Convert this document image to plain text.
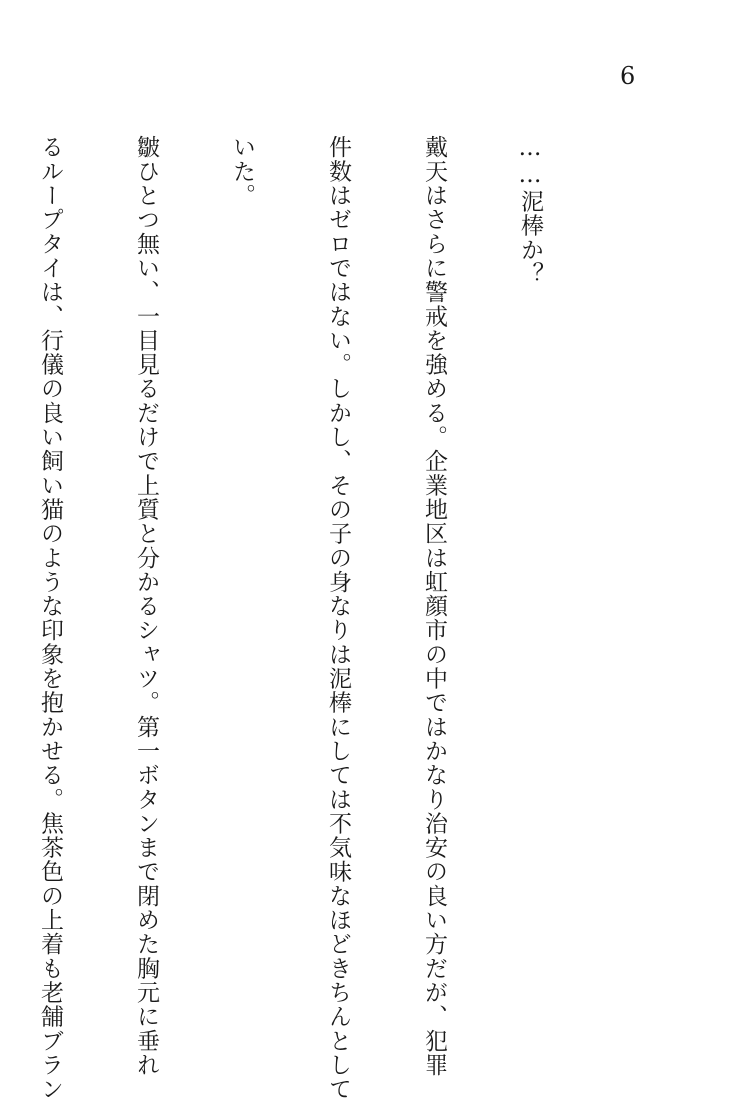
6

……泥棒か？

戴天はさらに警戒を強める。企業地区は虹顔市の中ではかなり治安の良い方だが、犯罪

件数はゼロではない。しかし、その子の身なりは泥棒にしては不気味なほどきちんとして

いた。

皺ひとつ無い、一目見るだけで上質と分かるシャツ。第一ボタンまで閉めた胸元に垂れ

るループタイは、行儀の良い飼い猫のような印象を抱かせる。焦茶色の上着も老舗ブラン
